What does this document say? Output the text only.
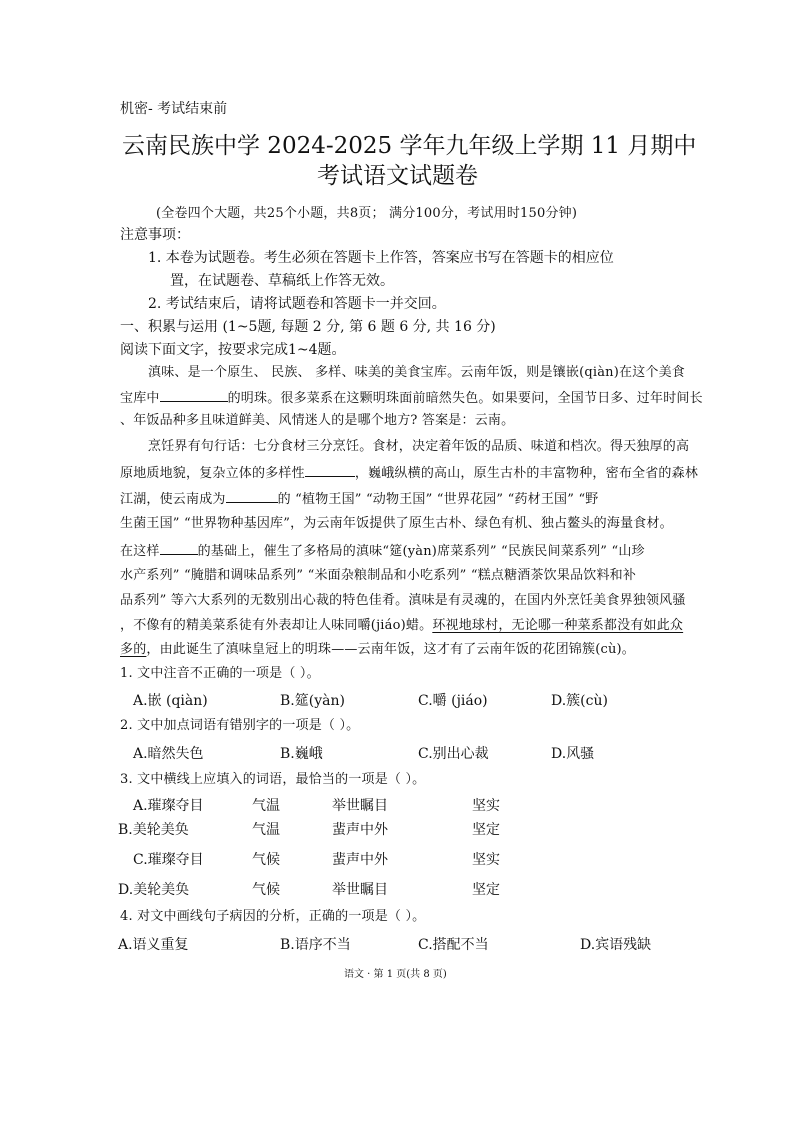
机密- 考试结束前
云南民族中学 2024-2025 学年九年级上学期 11 月期中
考试语文试题卷
(全卷四个大题，共25个小题，共8页； 满分100分，考试用时150分钟)
注意事项：
1. 本卷为试题卷。考生必须在答题卡上作答，答案应书写在答题卡的相应位
置，在试题卷、草稿纸上作答无效。
2. 考试结束后，请将试题卷和答题卡一并交回。
一、积累与运用 (1~5题, 每题 2 分, 第 6 题 6 分, 共 16 分)
阅读下面文字，按要求完成1~4题。
滇味、是一个原生、 民族、 多样、味美的美食宝库。云南年饭，则是镶嵌(qiàn)在这个美食
宝库中	的明珠。很多菜系在这颗明珠面前暗然失色。如果要问，全国节日多、过年时间长
、年饭品种多且味道鲜美、风情迷人的是哪个地方? 答案是：云南。
烹饪界有句行话：七分食材三分烹饪。食材，决定着年饭的品质、味道和档次。得天独厚的高
原地质地貌，复杂立体的多样性	，巍峨纵横的高山，原生古朴的丰富物种，密布全省的森林
江湖，使云南成为	的 “植物王国” “动物王国” “世界花园” “药材王国” “野
生菌王国” “世界物种基因库”，为云南年饭提供了原生古朴、绿色有机、独占鳌头的海量食材。
在这样	的基础上，催生了多格局的滇味“筵(yàn)席菜系列” “民族民间菜系列” “山珍
水产系列” “腌腊和调味品系列” “米面杂粮制品和小吃系列” “糕点糖酒茶饮果品饮料和补
品系列” 等六大系列的无数别出心裁的特色佳肴。滇味是有灵魂的，在国内外烹饪美食界独领风骚
，不像有的精美菜系徒有外表却让人味同嚼(jiáo)蜡。环视地球村，无论哪一种菜系都没有如此众
多的，由此诞生了滇味皇冠上的明珠——云南年饭，这才有了云南年饭的花团锦簇(cù)。
1. 文中注音不正确的一项是（ ）。
A.嵌 (qiàn)	B.筵(yàn)	C.嚼 (jiáo)	D.簇(cù)
2. 文中加点词语有错别字的一项是（ ）。
A.暗然失色	B.巍峨	C.别出心裁	D.风骚
3. 文中横线上应填入的词语，最恰当的一项是（ ）。
A.璀璨夺目	气温	举世瞩目	坚实
B.美轮美奂	气温	蜚声中外	坚定
C.璀璨夺目	气候	蜚声中外	坚实
D.美轮美奂	气候	举世瞩目	坚定
4. 对文中画线句子病因的分析，正确的一项是（ ）。
A.语义重复	B.语序不当	C.搭配不当	D.宾语残缺
语文 · 第 1 页(共 8 页)
